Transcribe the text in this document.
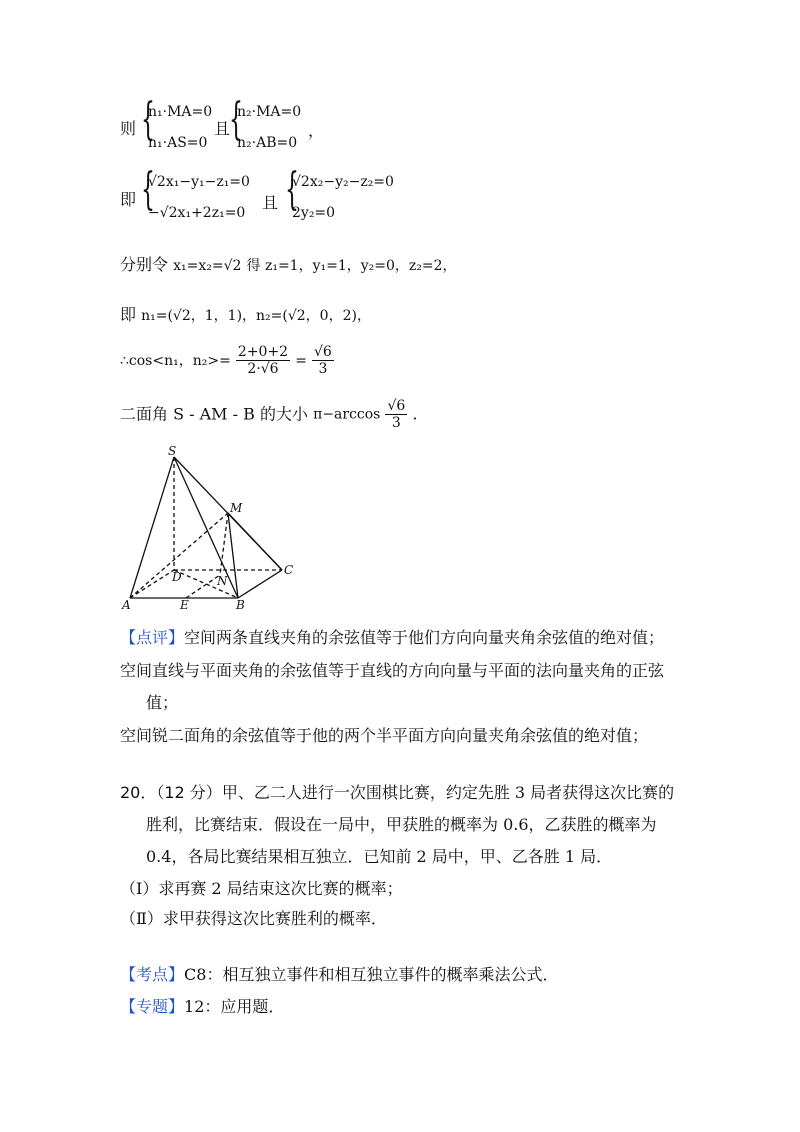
则 {
n₁·MA=0
n₁·AS=0
且
{
n₂·MA=0
n₂·AB=0
，
即 {
√2x₁−y₁−z₁=0
−√2x₁+2z₁=0
且 {
√2x₂−y₂−z₂=0
2y₂=0
分别令 x₁=x₂=√2 得 z₁=1，y₁=1，y₂=0，z₂=2，
即 n₁=(√2，1，1)，n₂=(√2，0，2)，
∴cos<n₁，$n_2>= \frac{2+0+2}{2\cdot√6} = \frac{√6}{3}$
二面角 S - AM - B 的大小 $\pi-\arccos \frac{√6}{3}$ .
S
M
C
D	N
A	E	B
【点评】空间两条直线夹角的余弦值等于他们方向向量夹角余弦值的绝对值；
空间直线与平面夹角的余弦值等于直线的方向向量与平面的法向量夹角的正弦
值；
空间锐二面角的余弦值等于他的两个半平面方向向量夹角余弦值的绝对值；
20．（12 分）甲、乙二人进行一次围棋比赛，约定先胜 3 局者获得这次比赛的
胜利，比赛结束．假设在一局中，甲获胜的概率为 0.6，乙获胜的概率为
0.4，各局比赛结果相互独立．已知前 2 局中，甲、乙各胜 1 局．
（Ⅰ）求再赛 2 局结束这次比赛的概率；
（Ⅱ）求甲获得这次比赛胜利的概率．
【考点】C8：相互独立事件和相互独立事件的概率乘法公式．
【专题】12：应用题．
